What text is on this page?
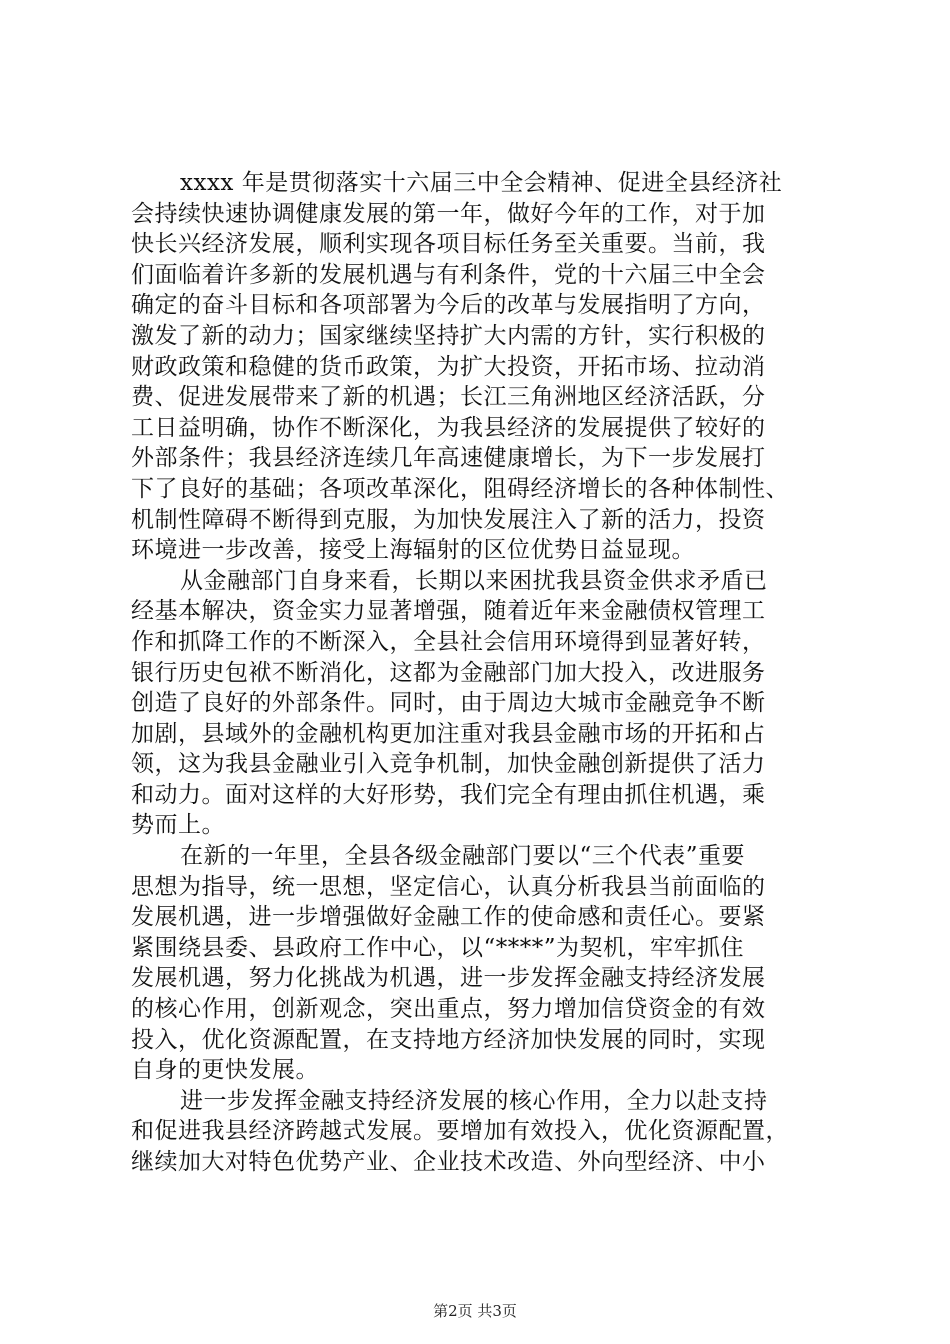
xxxx 年是贯彻落实十六届三中全会精神、促进全县经济社
会持续快速协调健康发展的第一年，做好今年的工作，对于加
快长兴经济发展，顺利实现各项目标任务至关重要。当前，我
们面临着许多新的发展机遇与有利条件，党的十六届三中全会
确定的奋斗目标和各项部署为今后的改革与发展指明了方向，
激发了新的动力；国家继续坚持扩大内需的方针，实行积极的
财政政策和稳健的货币政策，为扩大投资，开拓市场、拉动消
费、促进发展带来了新的机遇；长江三角洲地区经济活跃，分
工日益明确，协作不断深化，为我县经济的发展提供了较好的
外部条件；我县经济连续几年高速健康增长，为下一步发展打
下了良好的基础；各项改革深化，阻碍经济增长的各种体制性、
机制性障碍不断得到克服，为加快发展注入了新的活力，投资
环境进一步改善，接受上海辐射的区位优势日益显现。
从金融部门自身来看，长期以来困扰我县资金供求矛盾已
经基本解决，资金实力显著增强，随着近年来金融债权管理工
作和抓降工作的不断深入，全县社会信用环境得到显著好转，
银行历史包袱不断消化，这都为金融部门加大投入，改进服务
创造了良好的外部条件。同时，由于周边大城市金融竞争不断
加剧，县域外的金融机构更加注重对我县金融市场的开拓和占
领，这为我县金融业引入竞争机制，加快金融创新提供了活力
和动力。面对这样的大好形势，我们完全有理由抓住机遇，乘
势而上。
在新的一年里，全县各级金融部门要以“三个代表”重要
思想为指导，统一思想，坚定信心，认真分析我县当前面临的
发展机遇，进一步增强做好金融工作的使命感和责任心。要紧
紧围绕县委、县政府工作中心，以“****”为契机，牢牢抓住
发展机遇，努力化挑战为机遇，进一步发挥金融支持经济发展
的核心作用，创新观念，突出重点，努力增加信贷资金的有效
投入，优化资源配置，在支持地方经济加快发展的同时，实现
自身的更快发展。
进一步发挥金融支持经济发展的核心作用，全力以赴支持
和促进我县经济跨越式发展。要增加有效投入，优化资源配置，
继续加大对特色优势产业、企业技术改造、外向型经济、中小
第2页 共3页
